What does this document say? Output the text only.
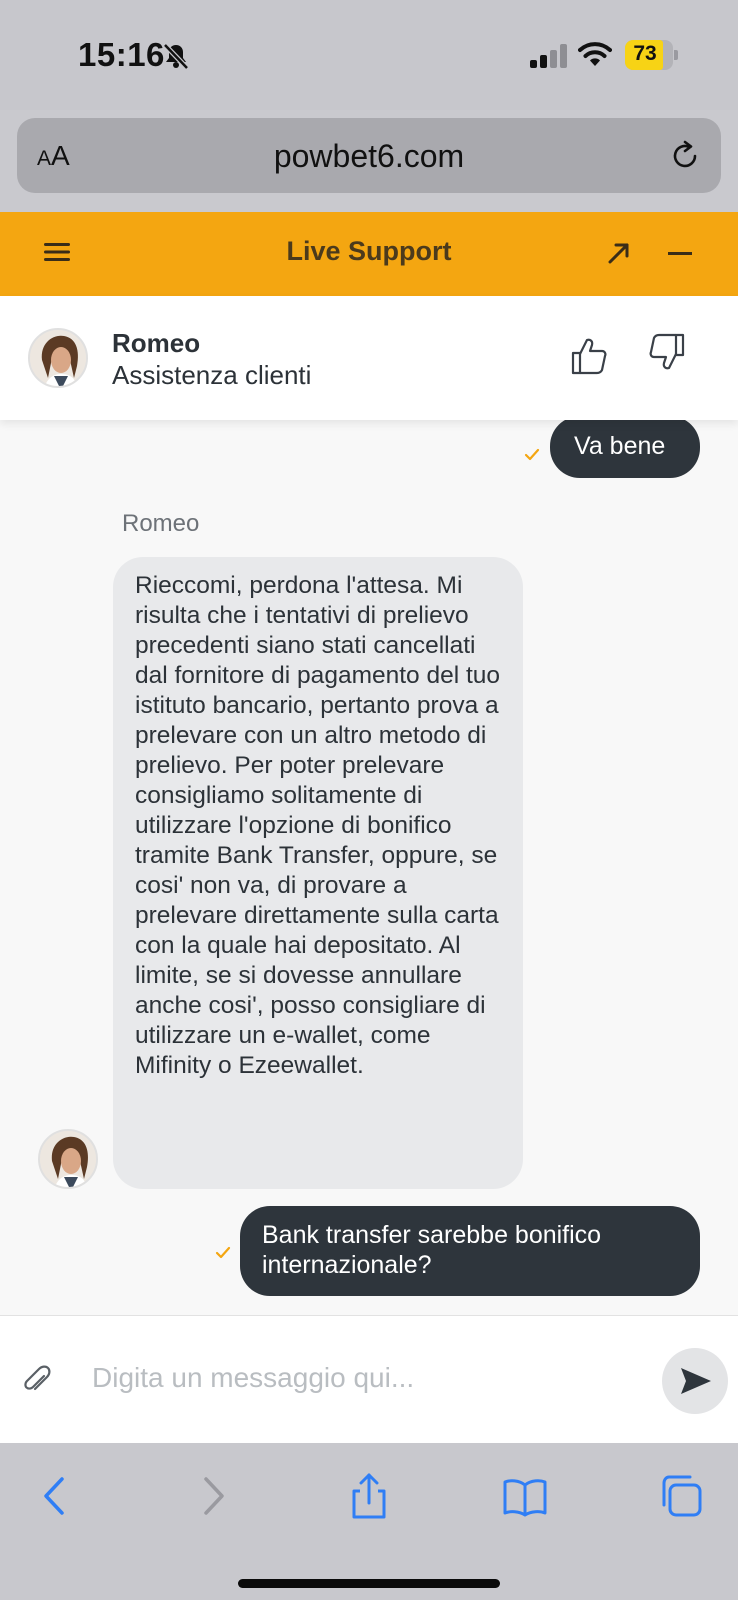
15:16	73
AA	powbet6.com
Live Support
Romeo
Assistenza clienti
Va bene
Romeo
Rieccomi, perdona l'attesa. Mi risulta che i tentativi di prelievo precedenti siano stati cancellati dal fornitore di pagamento del tuo istituto bancario, pertanto prova a prelevare con un altro metodo di prelievo. Per poter prelevare consigliamo solitamente di utilizzare l'opzione di bonifico tramite Bank Transfer, oppure, se cosi' non va, di provare a prelevare direttamente sulla carta con la quale hai depositato. Al limite, se si dovesse annullare anche cosi', posso consigliare di utilizzare un e-wallet, come Mifinity o Ezeewallet.
Bank transfer sarebbe bonifico internazionale?
Digita un messaggio qui...
